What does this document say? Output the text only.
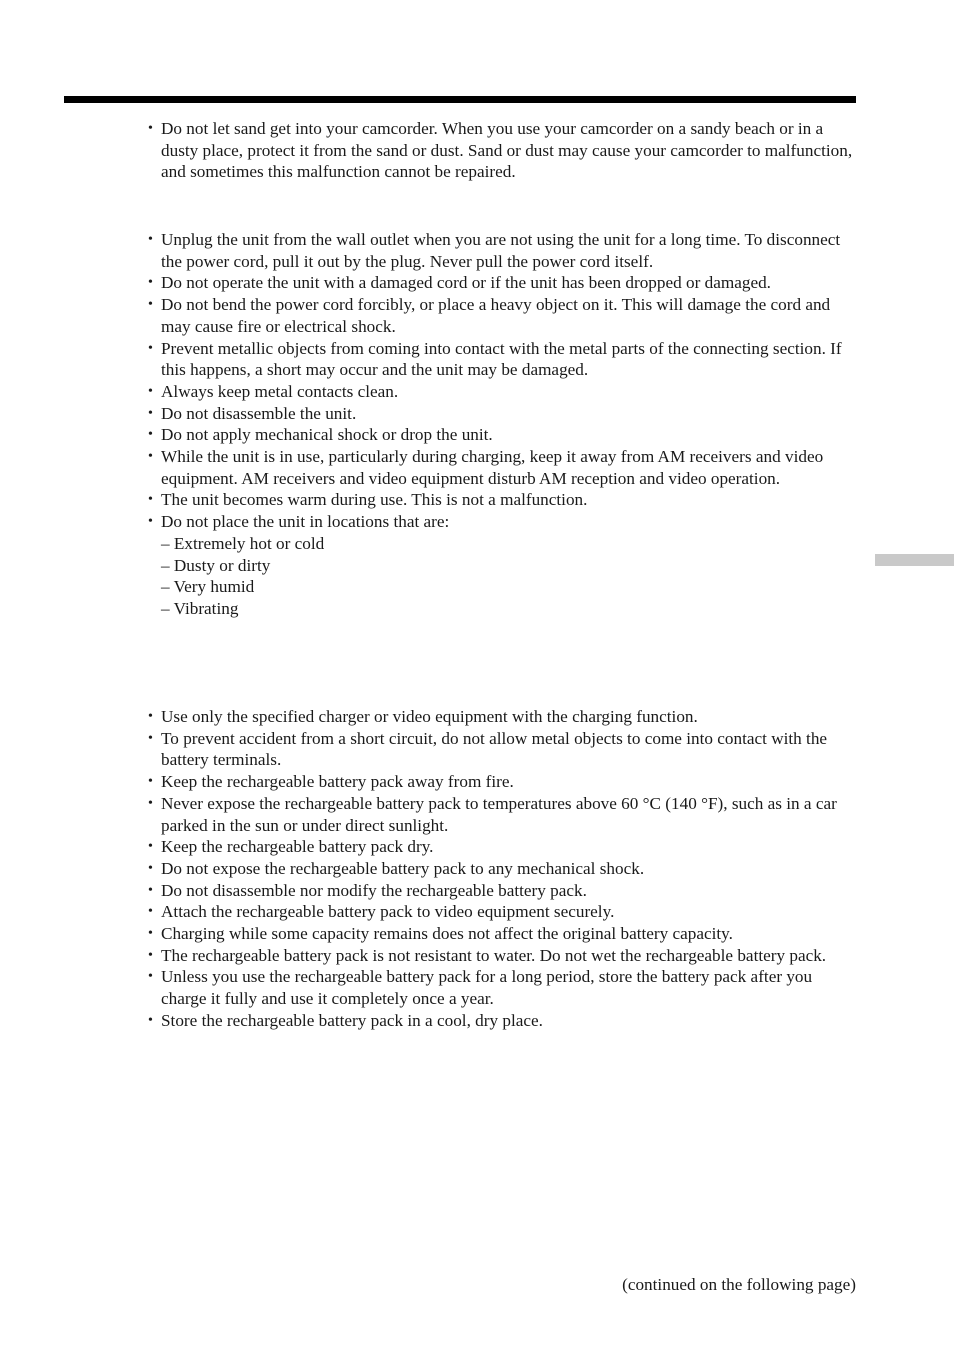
• Do not let sand get into your camcorder. When you use your camcorder on a sandy beach or in a dusty place, protect it from the sand or dust. Sand or dust may cause your camcorder to malfunction, and sometimes this malfunction cannot be repaired.
• Unplug the unit from the wall outlet when you are not using the unit for a long time. To disconnect the power cord, pull it out by the plug. Never pull the power cord itself.
• Do not operate the unit with a damaged cord or if the unit has been dropped or damaged.
• Do not bend the power cord forcibly, or place a heavy object on it. This will damage the cord and may cause fire or electrical shock.
• Prevent metallic objects from coming into contact with the metal parts of the connecting section. If this happens, a short may occur and the unit may be damaged.
• Always keep metal contacts clean.
• Do not disassemble the unit.
• Do not apply mechanical shock or drop the unit.
• While the unit is in use, particularly during charging, keep it away from AM receivers and video equipment. AM receivers and video equipment disturb AM reception and video operation.
• The unit becomes warm during use. This is not a malfunction.
• Do not place the unit in locations that are:
– Extremely hot or cold
– Dusty or dirty
– Very humid
– Vibrating
• Use only the specified charger or video equipment with the charging function.
• To prevent accident from a short circuit, do not allow metal objects to come into contact with the battery terminals.
• Keep the rechargeable battery pack away from fire.
• Never expose the rechargeable battery pack to temperatures above 60 °C (140 °F), such as in a car parked in the sun or under direct sunlight.
• Keep the rechargeable battery pack dry.
• Do not expose the rechargeable battery pack to any mechanical shock.
• Do not disassemble nor modify the rechargeable battery pack.
• Attach the rechargeable battery pack to video equipment securely.
• Charging while some capacity remains does not affect the original battery capacity.
• The rechargeable battery pack is not resistant to water. Do not wet the rechargeable battery pack.
• Unless you use the rechargeable battery pack for a long period, store the battery pack after you charge it fully and use it completely once a year.
• Store the rechargeable battery pack in a cool, dry place.
(continued on the following page)
